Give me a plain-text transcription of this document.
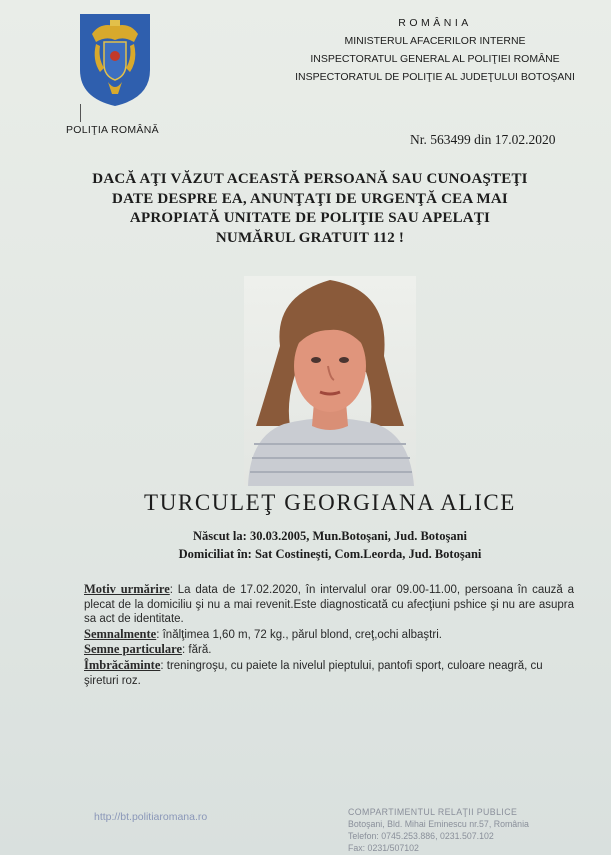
POLIŢIA ROMÂNĂ
ROMÂNIA
MINISTERUL AFACERILOR INTERNE
INSPECTORATUL GENERAL AL POLIŢIEI ROMÂNE
INSPECTORATUL DE POLIŢIE AL JUDEŢULUI BOTOŞANI
Nr. 563499 din 17.02.2020
DACĂ AŢI VĂZUT ACEASTĂ PERSOANĂ SAU CUNOAŞTEŢI
DATE DESPRE EA, ANUNŢAŢI DE URGENŢĂ CEA MAI
APROPIATĂ UNITATE DE POLIŢIE SAU APELAŢI
NUMĂRUL GRATUIT 112 !
TURCULEŢ GEORGIANA ALICE
Născut la: 30.03.2005, Mun.Botoşani, Jud. Botoşani
Domiciliat în: Sat Costineşti, Com.Leorda, Jud. Botoşani

Motiv urmărire: La data de 17.02.2020, în intervalul orar 09.00-11.00, persoana în cauză a plecat de la domiciliu şi nu a mai revenit.Este diagnosticată cu afecţiuni pshice şi nu are asupra sa act de identitate.

Semnalmente: înălţimea 1,60 m, 72 kg., părul blond, creţ,ochi albaştri.

Semne particulare: fără.

Îmbrăcăminte: treningroşu, cu paiete la nivelul pieptului, pantofi sport, culoare neagră, cu şireturi roz.

http://bt.politiaromana.ro	COMPARTIMENTUL RELAŢII PUBLICE
Botoşani, Bld. Mihai Eminescu nr.57, România
Telefon: 0745.253.886, 0231.507.102
Fax: 0231/507102
